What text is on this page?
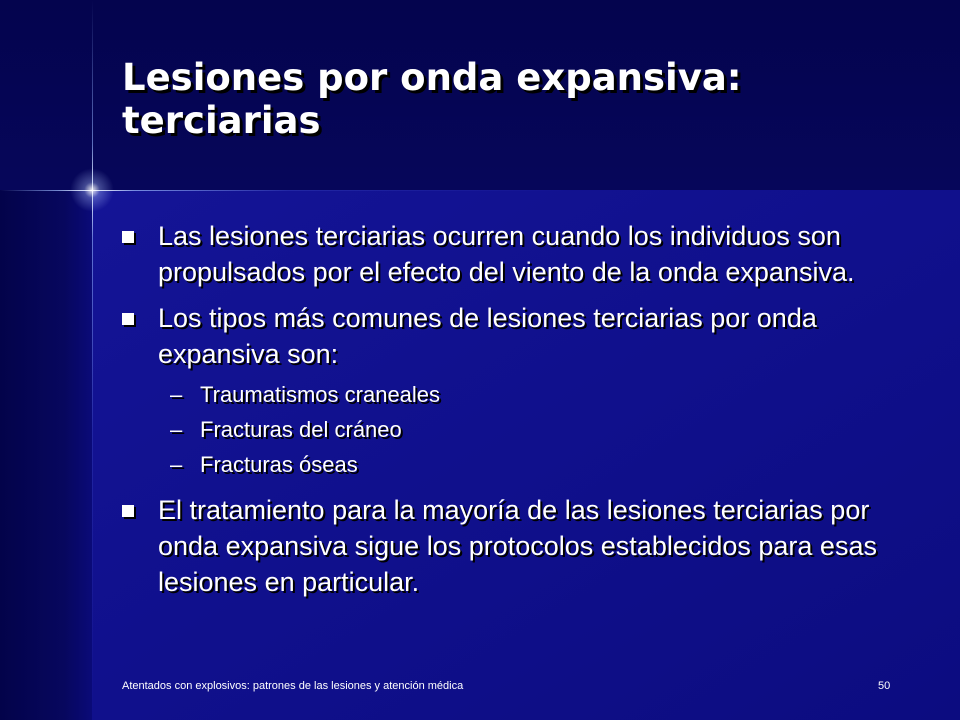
Lesiones por onda expansiva: terciarias
Las lesiones terciarias ocurren cuando los individuos son propulsados por el efecto del viento de la onda expansiva.
Los tipos más comunes de lesiones terciarias por onda expansiva son:
– Traumatismos craneales
– Fracturas del cráneo
– Fracturas óseas
El tratamiento para la mayoría de las lesiones terciarias por onda expansiva sigue los protocolos establecidos para esas lesiones en particular.
Atentados con explosivos: patrones de las lesiones y atención médica	50
